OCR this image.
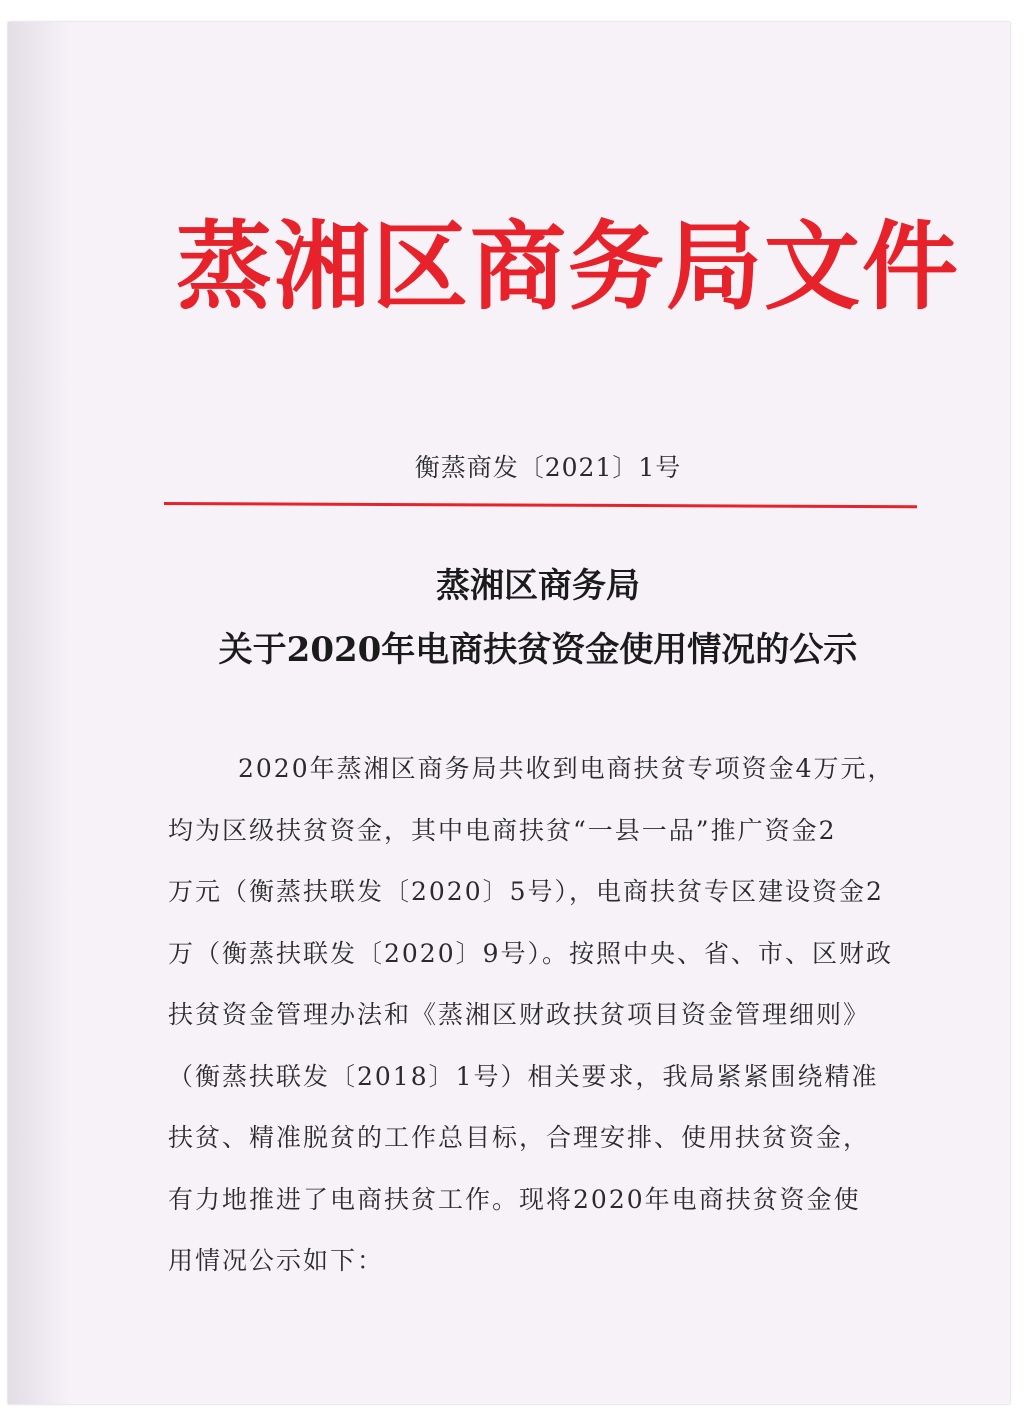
蒸湘区商务局文件
衡蒸商发〔2021〕1号
蒸湘区商务局
关于2020年电商扶贫资金使用情况的公示
2020年蒸湘区商务局共收到电商扶贫专项资金4万元，
均为区级扶贫资金，其中电商扶贫“一县一品”推广资金2
万元（衡蒸扶联发〔2020〕5号），电商扶贫专区建设资金2
万（衡蒸扶联发〔2020〕9号）。按照中央、省、市、区财政
扶贫资金管理办法和《蒸湘区财政扶贫项目资金管理细则》
（衡蒸扶联发〔2018〕1号）相关要求，我局紧紧围绕精准
扶贫、精准脱贫的工作总目标，合理安排、使用扶贫资金，
有力地推进了电商扶贫工作。现将2020年电商扶贫资金使
用情况公示如下：
